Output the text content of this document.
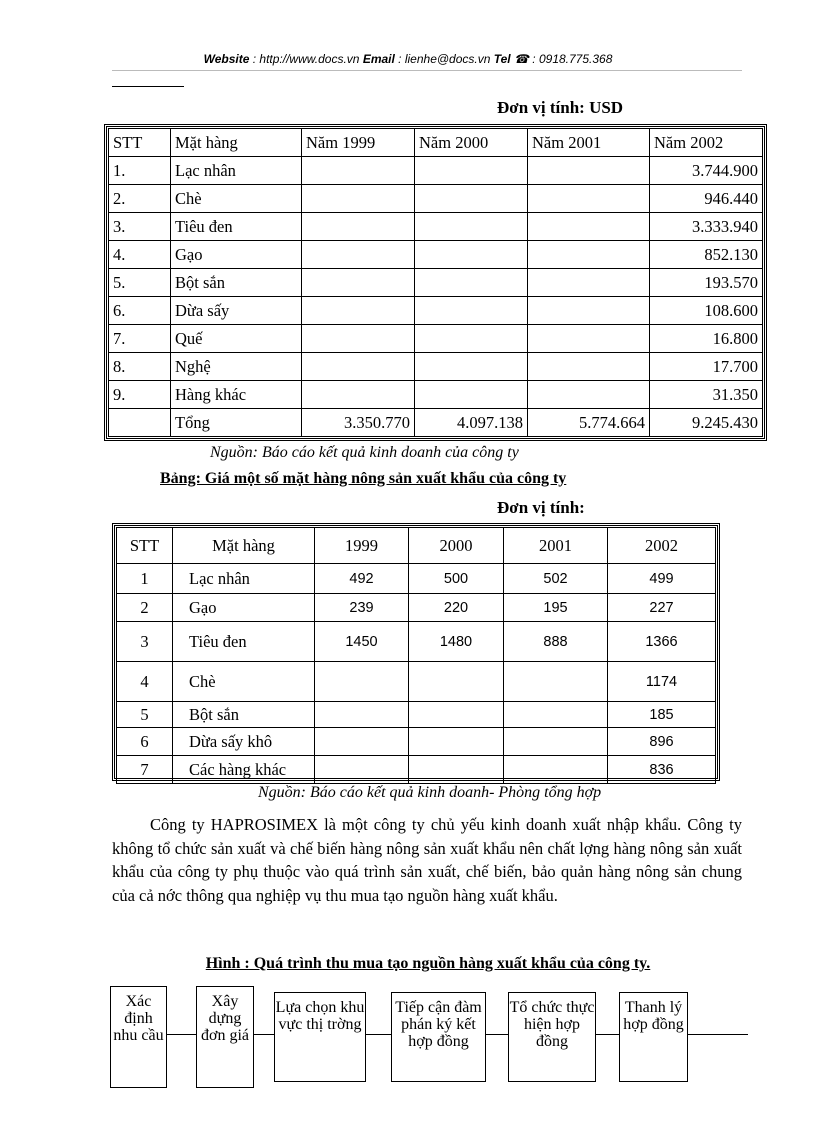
Website : http://www.docs.vn Email : lienhe@docs.vn Tel ☎ : 0918.775.368
Đơn vị tính: USD
STT	Mặt hàng	Năm 1999	Năm 2000	Năm 2001	Năm 2002
1.	Lạc nhân				3.744.900
2.	Chè				946.440
3.	Tiêu đen				3.333.940
4.	Gạo				852.130
5.	Bột sắn				193.570
6.	Dừa sấy				108.600
7.	Quế				16.800
8.	Nghệ				17.700
9.	Hàng khác				31.350
	Tổng	3.350.770	4.097.138	5.774.664	9.245.430
Nguồn: Báo cáo kết quả kinh doanh của công ty
Bảng: Giá một số mặt hàng nông sản xuất khẩu của công ty
Đơn vị tính:
STT	Mặt hàng	1999	2000	2001	2002
1	Lạc nhân	492	500	502	499
2	Gạo	239	220	195	227
3	Tiêu đen	1450	1480	888	1366
4	Chè				1174
5	Bột sắn				185
6	Dừa sấy khô				896
7	Các hàng khác				836
Nguồn: Báo cáo kết quả kinh doanh- Phòng tổng hợp

Công ty HAPROSIMEX là một công ty chủ yếu kinh doanh xuất nhập khẩu. Công ty không tổ chức sản xuất và chế biến hàng nông sản xuất khẩu nên chất lợng hàng nông sản xuất khẩu của công ty phụ thuộc vào quá trình sản xuất, chế biến, bảo quản hàng nông sản chung của cả nớc thông qua nghiệp vụ thu mua tạo nguồn hàng xuất khẩu.

Hình : Quá trình thu mua tạo nguồn hàng xuất khẩu của công ty.
Xác định nhu cầu
Xây dựng đơn giá
Lựa chọn khu vực thị trờng
Tiếp cận đàm phán ký kết hợp đồng
Tổ chức thực hiện hợp đồng
Thanh lý hợp đồng
